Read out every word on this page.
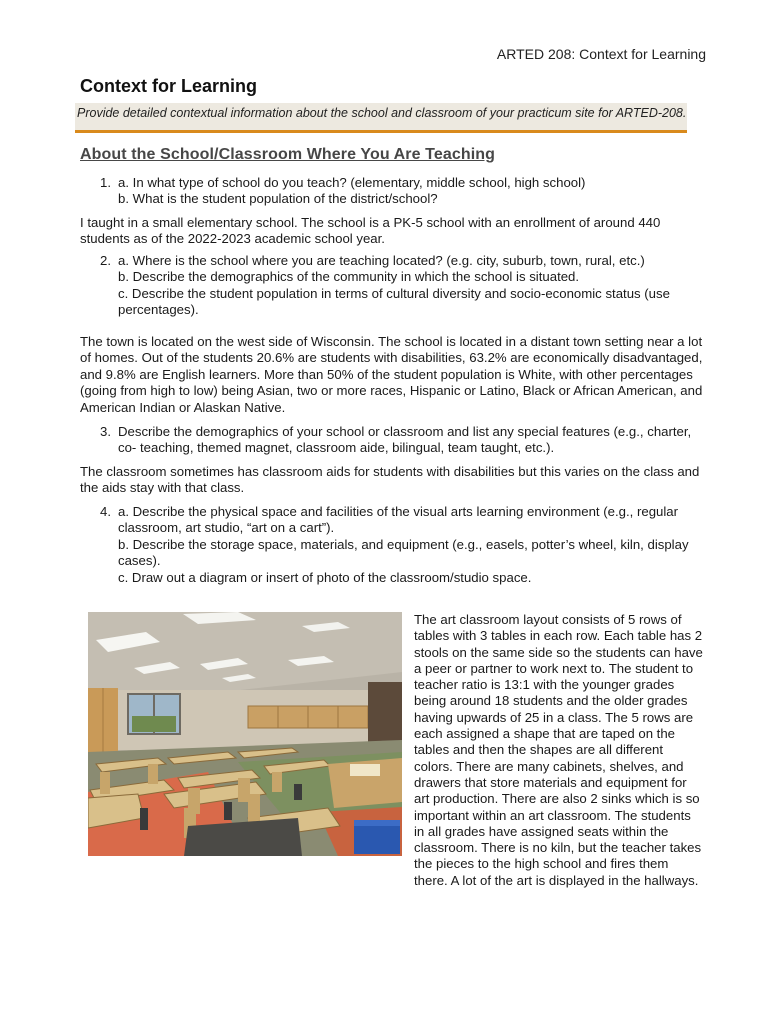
ARTED 208: Context for Learning
Context for Learning
Provide detailed contextual information about the school and classroom of your practicum site for ARTED-208.
About the School/Classroom Where You Are Teaching
1. a. In what type of school do you teach? (elementary, middle school, high school)
b. What is the student population of the district/school?
I taught in a small elementary school. The school is a PK-5 school with an enrollment of around 440 students as of the 2022-2023 academic school year.
2. a. Where is the school where you are teaching located? (e.g. city, suburb, town, rural, etc.)
b. Describe the demographics of the community in which the school is situated.
c. Describe the student population in terms of cultural diversity and socio-economic status (use percentages).
The town is located on the west side of Wisconsin. The school is located in a distant town setting near a lot of homes. Out of the students 20.6% are students with disabilities, 63.2% are economically disadvantaged, and 9.8% are English learners. More than 50% of the student population is White, with other percentages (going from high to low) being Asian, two or more races, Hispanic or Latino, Black or African American, and American Indian or Alaskan Native.
3. Describe the demographics of your school or classroom and list any special features (e.g., charter, co- teaching, themed magnet, classroom aide, bilingual, team taught, etc.).
The classroom sometimes has classroom aids for students with disabilities but this varies on the class and the aids stay with that class.
4. a. Describe the physical space and facilities of the visual arts learning environment (e.g., regular classroom, art studio, “art on a cart”).
b. Describe the storage space, materials, and equipment (e.g., easels, potter’s wheel, kiln, display cases).
c. Draw out a diagram or insert of photo of the classroom/studio space.
The art classroom layout consists of 5 rows of tables with 3 tables in each row. Each table has 2 stools on the same side so the students can have a peer or partner to work next to. The student to teacher ratio is 13:1 with the younger grades being around 18 students and the older grades having upwards of 25 in a class. The 5 rows are each assigned a shape that are taped on the tables and then the shapes are all different colors. There are many cabinets, shelves, and drawers that store materials and equipment for art production. There are also 2 sinks which is so important within an art classroom. The students in all grades have assigned seats within the classroom. There is no kiln, but the teacher takes the pieces to the high school and fires them there. A lot of the art is displayed in the hallways.
